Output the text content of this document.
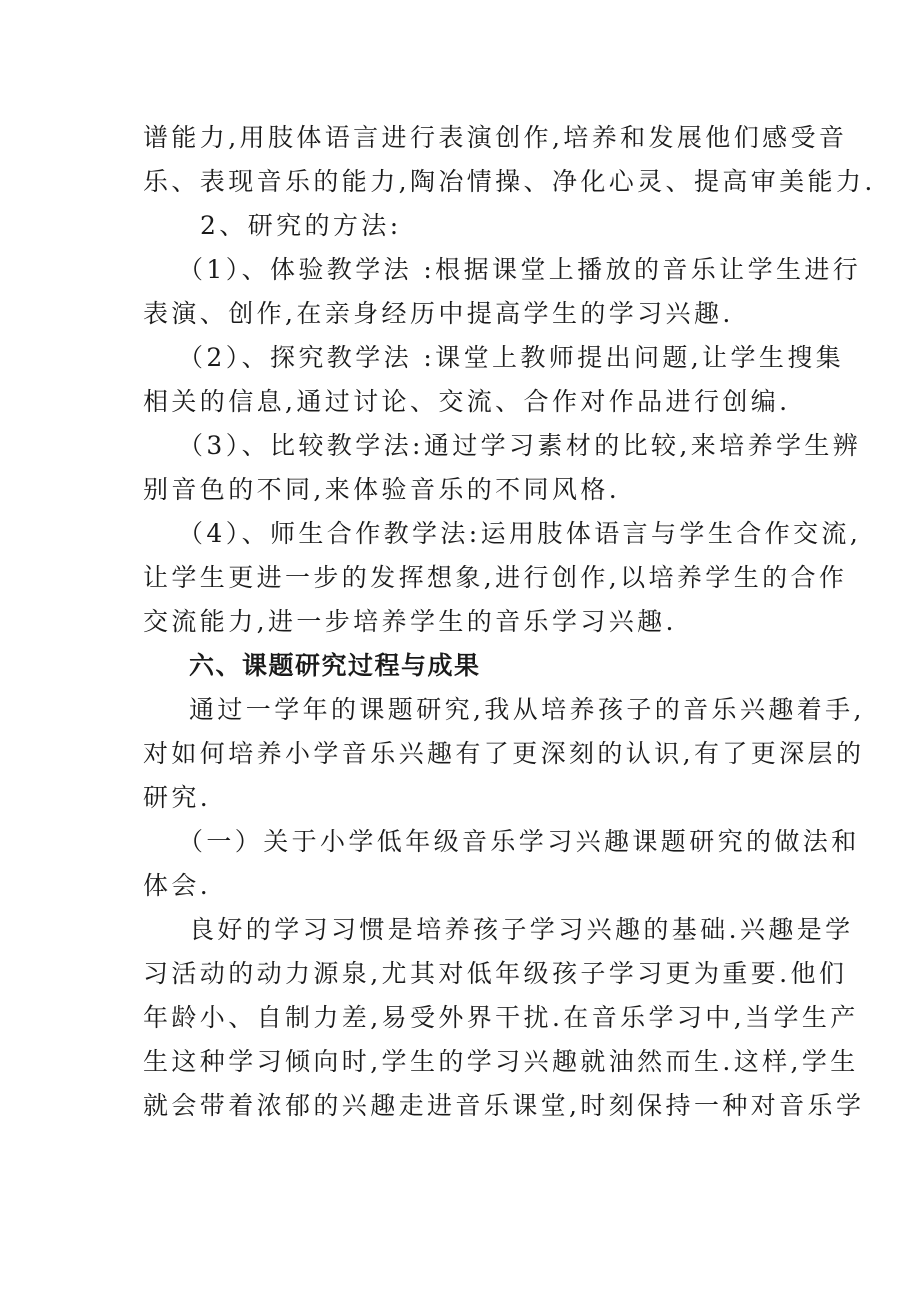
谱能力,用肢体语言进行表演创作,培养和发展他们感受音
乐、表现音乐的能力,陶冶情操、净化心灵、提高审美能力.
2、研究的方法:
（1）、体验教学法 :根据课堂上播放的音乐让学生进行
表演、创作,在亲身经历中提高学生的学习兴趣.
（2）、探究教学法 :课堂上教师提出问题,让学生搜集
相关的信息,通过讨论、交流、合作对作品进行创编.
（3）、比较教学法:通过学习素材的比较,来培养学生辨
别音色的不同,来体验音乐的不同风格.
（4）、师生合作教学法:运用肢体语言与学生合作交流,
让学生更进一步的发挥想象,进行创作,以培养学生的合作
交流能力,进一步培养学生的音乐学习兴趣.
六、课题研究过程与成果
通过一学年的课题研究,我从培养孩子的音乐兴趣着手,
对如何培养小学音乐兴趣有了更深刻的认识,有了更深层的
研究.
（一）关于小学低年级音乐学习兴趣课题研究的做法和
体会.
良好的学习习惯是培养孩子学习兴趣的基础.兴趣是学
习活动的动力源泉,尤其对低年级孩子学习更为重要.他们
年龄小、自制力差,易受外界干扰.在音乐学习中,当学生产
生这种学习倾向时,学生的学习兴趣就油然而生.这样,学生
就会带着浓郁的兴趣走进音乐课堂,时刻保持一种对音乐学
